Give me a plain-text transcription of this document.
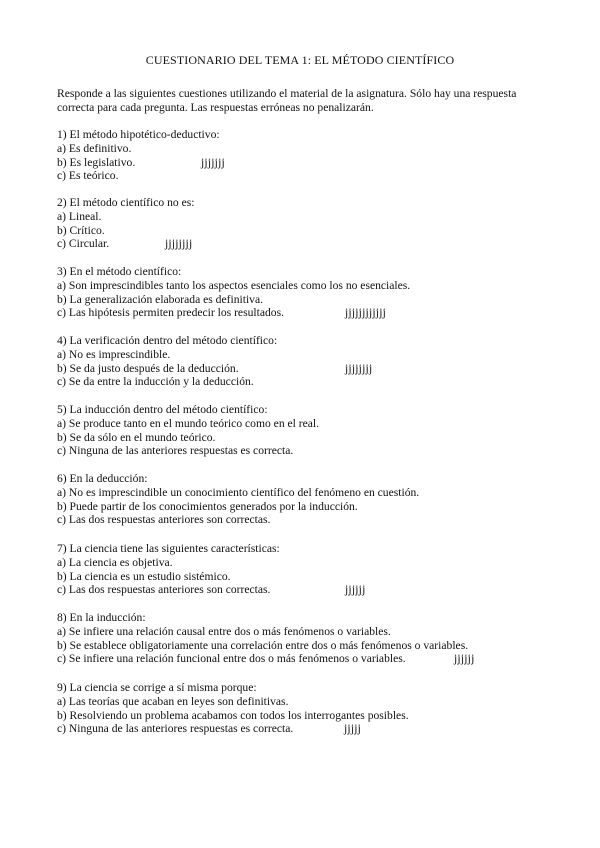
CUESTIONARIO DEL TEMA 1: EL MÉTODO CIENTÍFICO
Responde a las siguientes cuestiones utilizando el material de la asignatura. Sólo hay una respuesta
correcta para cada pregunta. Las respuestas erróneas no penalizarán.
1) El método hipotético-deductivo:
a) Es definitivo.
b) Es legislativo.	jjjjjjj
c) Es teórico.
2) El método científico no es:
a) Lineal.
b) Crítico.
c) Circular.	jjjjjjjj
3) En el método científico:
a) Son imprescindibles tanto los aspectos esenciales como los no esenciales.
b) La generalización elaborada es definitiva.
c) Las hipótesis permiten predecir los resultados.	jjjjjjjjjjjj
4) La verificación dentro del método científico:
a) No es imprescindible.
b) Se da justo después de la deducción.	jjjjjjjj
c) Se da entre la inducción y la deducción.
5) La inducción dentro del método científico:
a) Se produce tanto en el mundo teórico como en el real.
b) Se da sólo en el mundo teórico.
c) Ninguna de las anteriores respuestas es correcta.
6) En la deducción:
a) No es imprescindible un conocimiento científico del fenómeno en cuestión.
b) Puede partir de los conocimientos generados por la inducción.
c) Las dos respuestas anteriores son correctas.
7) La ciencia tiene las siguientes características:
a) La ciencia es objetiva.
b) La ciencia es un estudio sistémico.
c) Las dos respuestas anteriores son correctas.	jjjjjj
8) En la inducción:
a) Se infiere una relación causal entre dos o más fenómenos o variables.
b) Se establece obligatoriamente una correlación entre dos o más fenómenos o variables.
c) Se infiere una relación funcional entre dos o más fenómenos o variables.	jjjjjj
9) La ciencia se corrige a sí misma porque:
a) Las teorías que acaban en leyes son definitivas.
b) Resolviendo un problema acabamos con todos los interrogantes posibles.
c) Ninguna de las anteriores respuestas es correcta.	jjjjj
